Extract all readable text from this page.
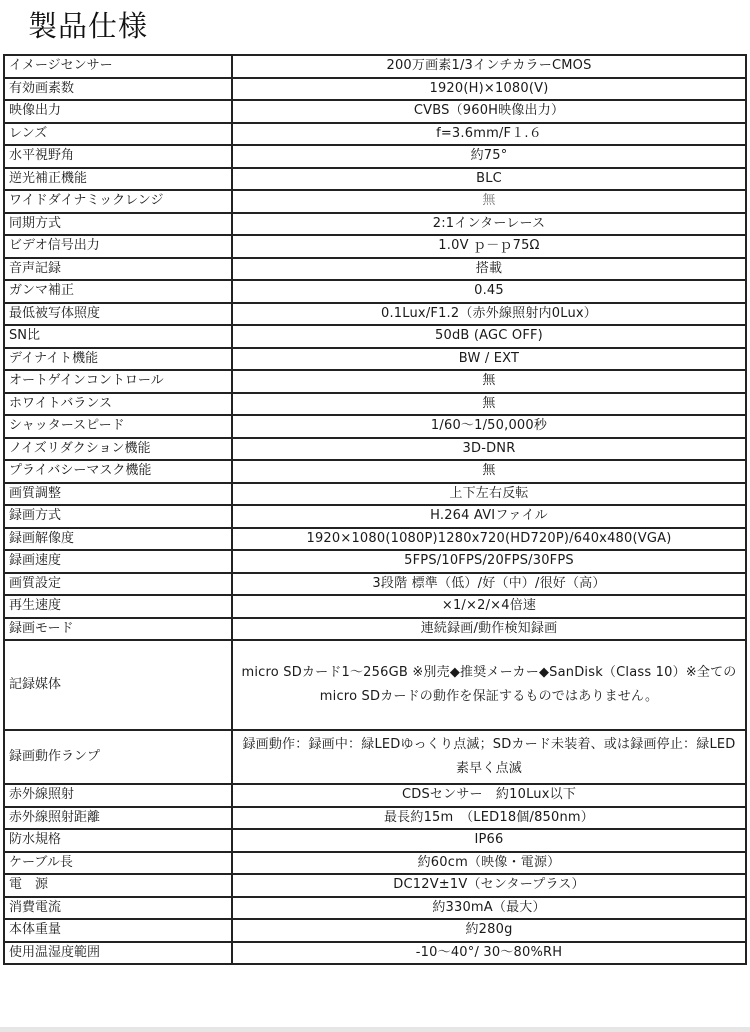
製品仕様
イメージセンサー	200万画素1/3インチカラーCMOS
有効画素数	1920(H)×1080(V)
映像出力	CVBS（960H映像出力）
レンズ	f=3.6mm/F１.６
水平視野角	約75°
逆光補正機能	BLC
ワイドダイナミックレンジ	無
同期方式	2:1インターレース
ビデオ信号出力	1.0V ｐ－ｐ75Ω
音声記録	搭載
ガンマ補正	0.45
最低被写体照度	0.1Lux/F1.2（赤外線照射内0Lux）
SN比	50dB (AGC OFF)
デイナイト機能	BW / EXT
オートゲインコントロール	無
ホワイトバランス	無
シャッタースピード	1/60～1/50,000秒
ノイズリダクション機能	3D-DNR
プライバシーマスク機能	無
画質調整	上下左右反転
録画方式	H.264 AVIファイル
録画解像度	1920×1080(1080P)1280x720(HD720P)/640x480(VGA)
録画速度	5FPS/10FPS/20FPS/30FPS
画質設定	3段階 標準（低）/好（中）/很好（高）
再生速度	×1/×2/×4倍速
録画モード	連続録画/動作検知録画
記録媒体	micro SDカード1～256GB ※別売◆推奨メーカー◆SanDisk（Class 10）※全てのmicro SDカードの動作を保証するものではありません。
録画動作ランプ	録画動作：録画中：緑LEDゆっくり点滅；SDカード未装着、或は録画停止：緑LED素早く点滅
赤外線照射	CDSセンサー　約10Lux以下
赤外線照射距離	最長約15m　（LED18個/850nm）
防水規格	IP66
ケーブル長	約60cm（映像・電源）
電　源	DC12V±1V（センタープラス）
消費電流	約330mA（最大）
本体重量	約280g
使用温湿度範囲	-10～40°/ 30～80%RH
